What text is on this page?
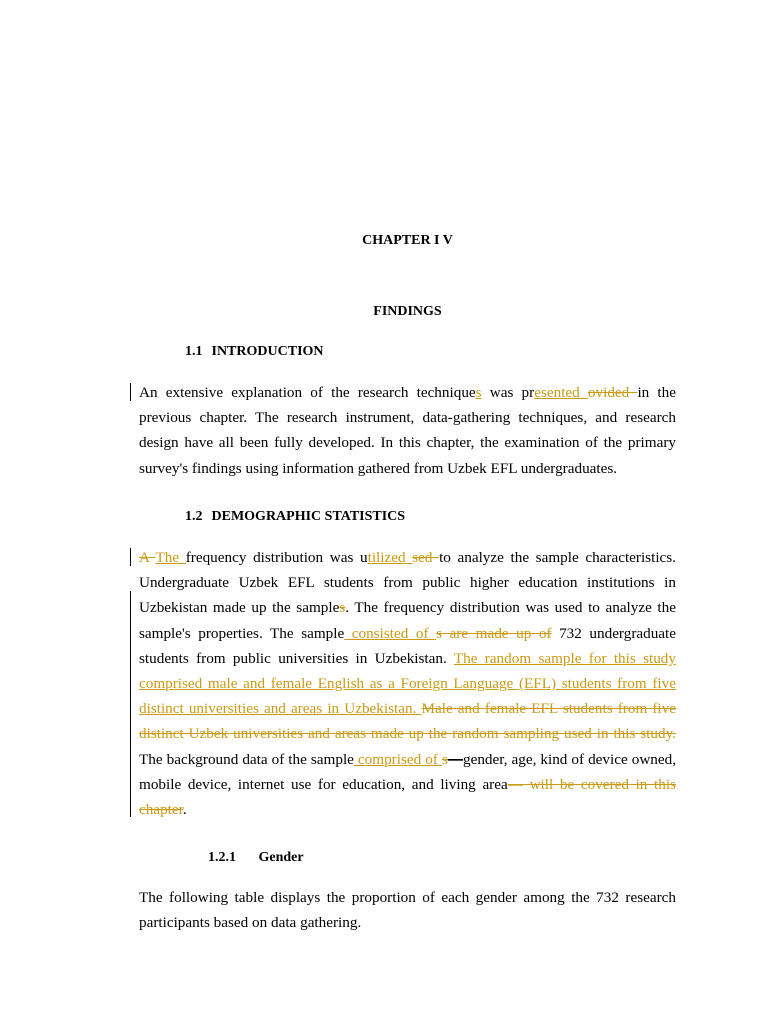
CHAPTER I V
FINDINGS
1.1 INTRODUCTION

An extensive explanation of the research techniques was presented ovided in the previous chapter. The research instrument, data-gathering techniques, and research design have all been fully developed. In this chapter, the examination of the primary survey's findings using information gathered from Uzbek EFL undergraduates.

1.2 DEMOGRAPHIC STATISTICS

A The frequency distribution was utilized sed to analyze the sample characteristics. Undergraduate Uzbek EFL students from public higher education institutions in Uzbekistan made up the samples. The frequency distribution was used to analyze the sample's properties. The sample consisted of s are made up of 732 undergraduate students from public universities in Uzbekistan. The random sample for this study comprised male and female English as a Foreign Language (EFL) students from five distinct universities and areas in Uzbekistan. Male and female EFL students from five distinct Uzbek universities and areas made up the random sampling used in this study. The background data of the sample comprised of s—gender, age, kind of device owned, mobile device, internet use for education, and living area— will be covered in this chapter.

1.2.1 Gender

The following table displays the proportion of each gender among the 732 research participants based on data gathering.
